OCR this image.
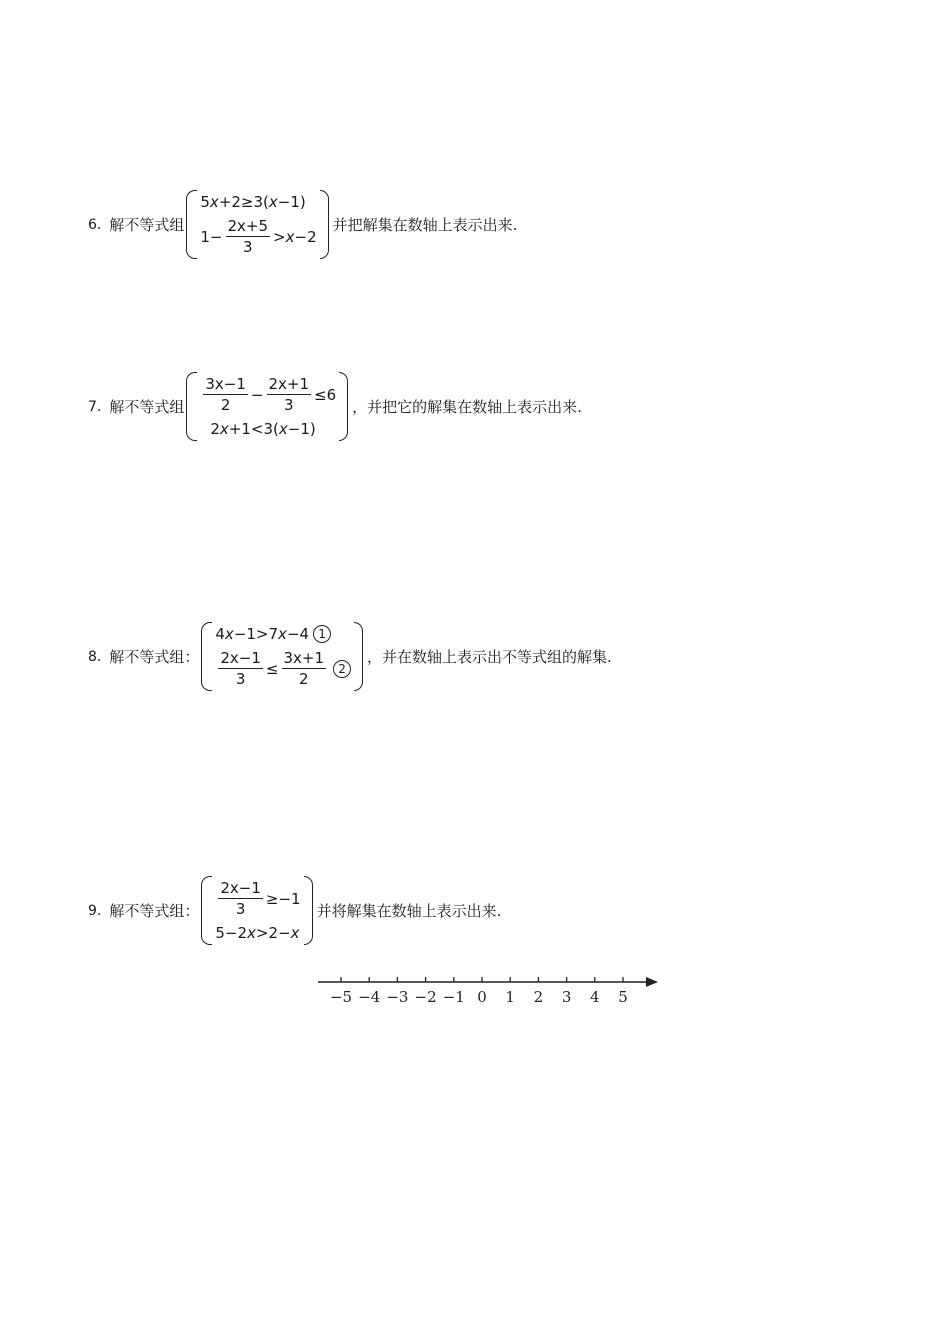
6. 解不等式组
5 x +2≥3( x −1)
$1- \frac{2x+5}{3} > x -2$
并把解集在数轴上表示出来.
7. 解不等式组 $\frac{3x-1}{2} - \frac{2x+1}{3} \le 6$
2 x +1<3( x −1)
，并把它的解集在数轴上表示出来.
8. 解不等式组：
4 x −1>7 x −4 1
$\frac{2x-1}{3} \le \frac{3x+1}{2}$	2
，并在数轴上表示出不等式组的解集.
9. 解不等式组： $\frac{2x-1}{3} \ge-1$
5−2 x >2− x
并将解集在数轴上表示出来.
−5 −4 −3 −2 −1 0 1 2 3 4 5
